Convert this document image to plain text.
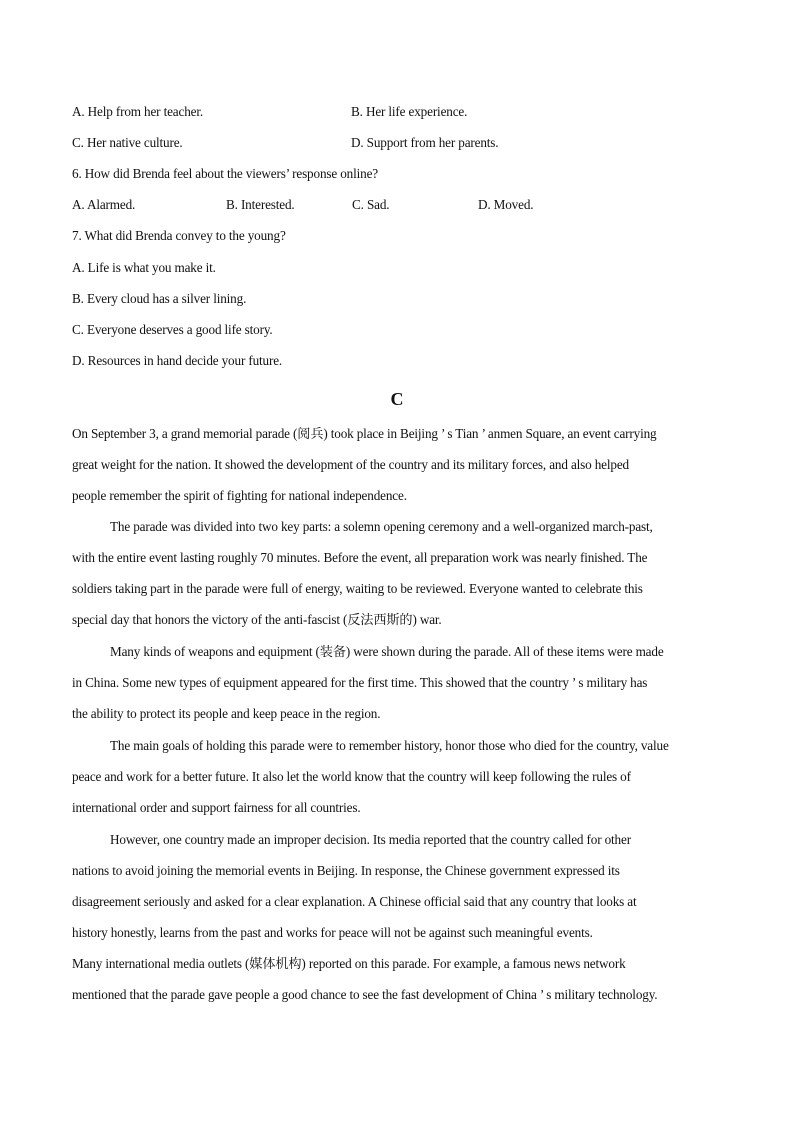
A. Help from her teacher.	B. Her life experience.
C. Her native culture.	D. Support from her parents.
6. How did Brenda feel about the viewers’ response online?
A. Alarmed.	B. Interested.	C. Sad.	D. Moved.
7. What did Brenda convey to the young?
A. Life is what you make it.
B. Every cloud has a silver lining.
C. Everyone deserves a good life story.
D. Resources in hand decide your future.
C
On September 3, a grand memorial parade (阅兵) took place in Beijing ’ s Tian ’ anmen Square, an event carrying
great weight for the nation. It showed the development of the country and its military forces, and also helped
people remember the spirit of fighting for national independence.
The parade was divided into two key parts: a solemn opening ceremony and a well-organized march-past,
with the entire event lasting roughly 70 minutes. Before the event, all preparation work was nearly finished. The
soldiers taking part in the parade were full of energy, waiting to be reviewed. Everyone wanted to celebrate this
special day that honors the victory of the anti-fascist (反法西斯的) war.
Many kinds of weapons and equipment (装备) were shown during the parade. All of these items were made
in China. Some new types of equipment appeared for the first time. This showed that the country ’ s military has
the ability to protect its people and keep peace in the region.
The main goals of holding this parade were to remember history, honor those who died for the country, value
peace and work for a better future. It also let the world know that the country will keep following the rules of
international order and support fairness for all countries.
However, one country made an improper decision. Its media reported that the country called for other
nations to avoid joining the memorial events in Beijing. In response, the Chinese government expressed its
disagreement seriously and asked for a clear explanation. A Chinese official said that any country that looks at
history honestly, learns from the past and works for peace will not be against such meaningful events.
Many international media outlets (媒体机构) reported on this parade. For example, a famous news network
mentioned that the parade gave people a good chance to see the fast development of China ’ s military technology.
